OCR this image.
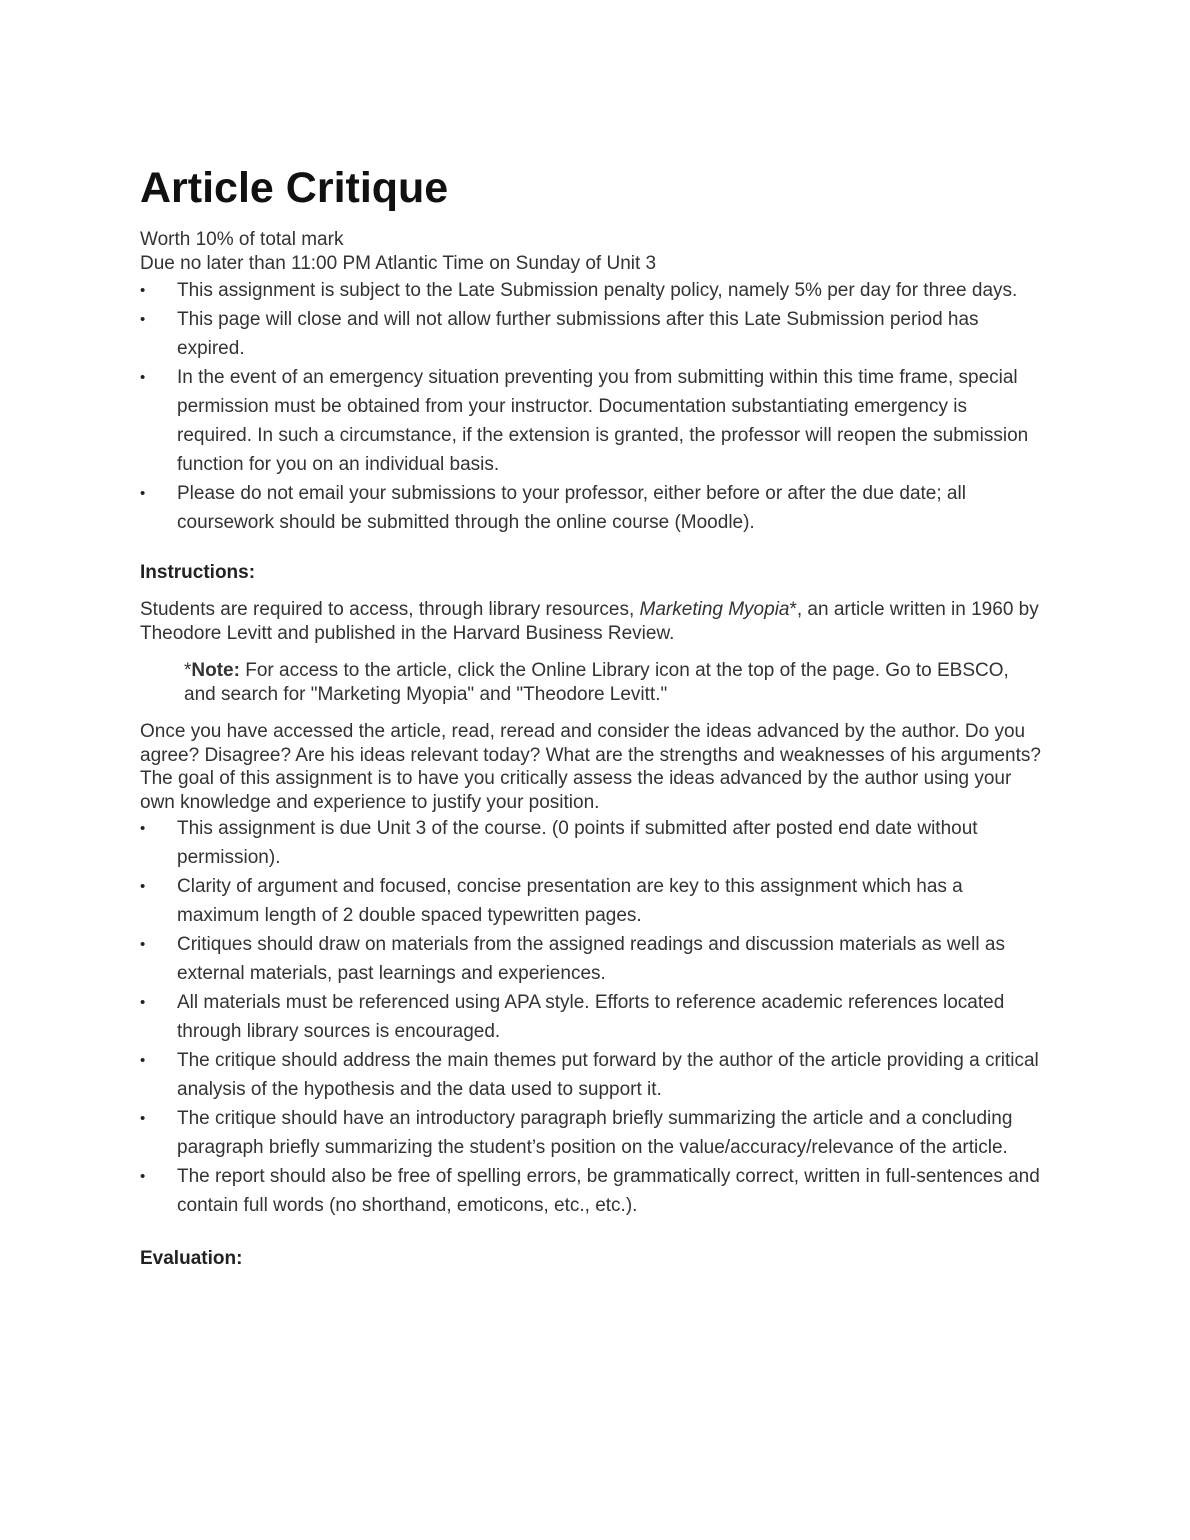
Article Critique
Worth 10% of total mark
Due no later than 11:00 PM Atlantic Time on Sunday of Unit 3
• This assignment is subject to the Late Submission penalty policy, namely 5% per day for three days.
• This page will close and will not allow further submissions after this Late Submission period has expired.
• In the event of an emergency situation preventing you from submitting within this time frame, special permission must be obtained from your instructor. Documentation substantiating emergency is required. In such a circumstance, if the extension is granted, the professor will reopen the submission function for you on an individual basis.
• Please do not email your submissions to your professor, either before or after the due date; all coursework should be submitted through the online course (Moodle).
Instructions:
Students are required to access, through library resources, Marketing Myopia*, an article written in 1960 by Theodore Levitt and published in the Harvard Business Review.
*Note: For access to the article, click the Online Library icon at the top of the page. Go to EBSCO, and search for "Marketing Myopia" and "Theodore Levitt."
Once you have accessed the article, read, reread and consider the ideas advanced by the author. Do you agree? Disagree? Are his ideas relevant today? What are the strengths and weaknesses of his arguments? The goal of this assignment is to have you critically assess the ideas advanced by the author using your own knowledge and experience to justify your position.
• This assignment is due Unit 3 of the course. (0 points if submitted after posted end date without permission).
• Clarity of argument and focused, concise presentation are key to this assignment which has a maximum length of 2 double spaced typewritten pages.
• Critiques should draw on materials from the assigned readings and discussion materials as well as external materials, past learnings and experiences.
• All materials must be referenced using APA style. Efforts to reference academic references located through library sources is encouraged.
• The critique should address the main themes put forward by the author of the article providing a critical analysis of the hypothesis and the data used to support it.
• The critique should have an introductory paragraph briefly summarizing the article and a concluding paragraph briefly summarizing the student’s position on the value/accuracy/relevance of the article.
• The report should also be free of spelling errors, be grammatically correct, written in full-sentences and contain full words (no shorthand, emoticons, etc., etc.).
Evaluation:
